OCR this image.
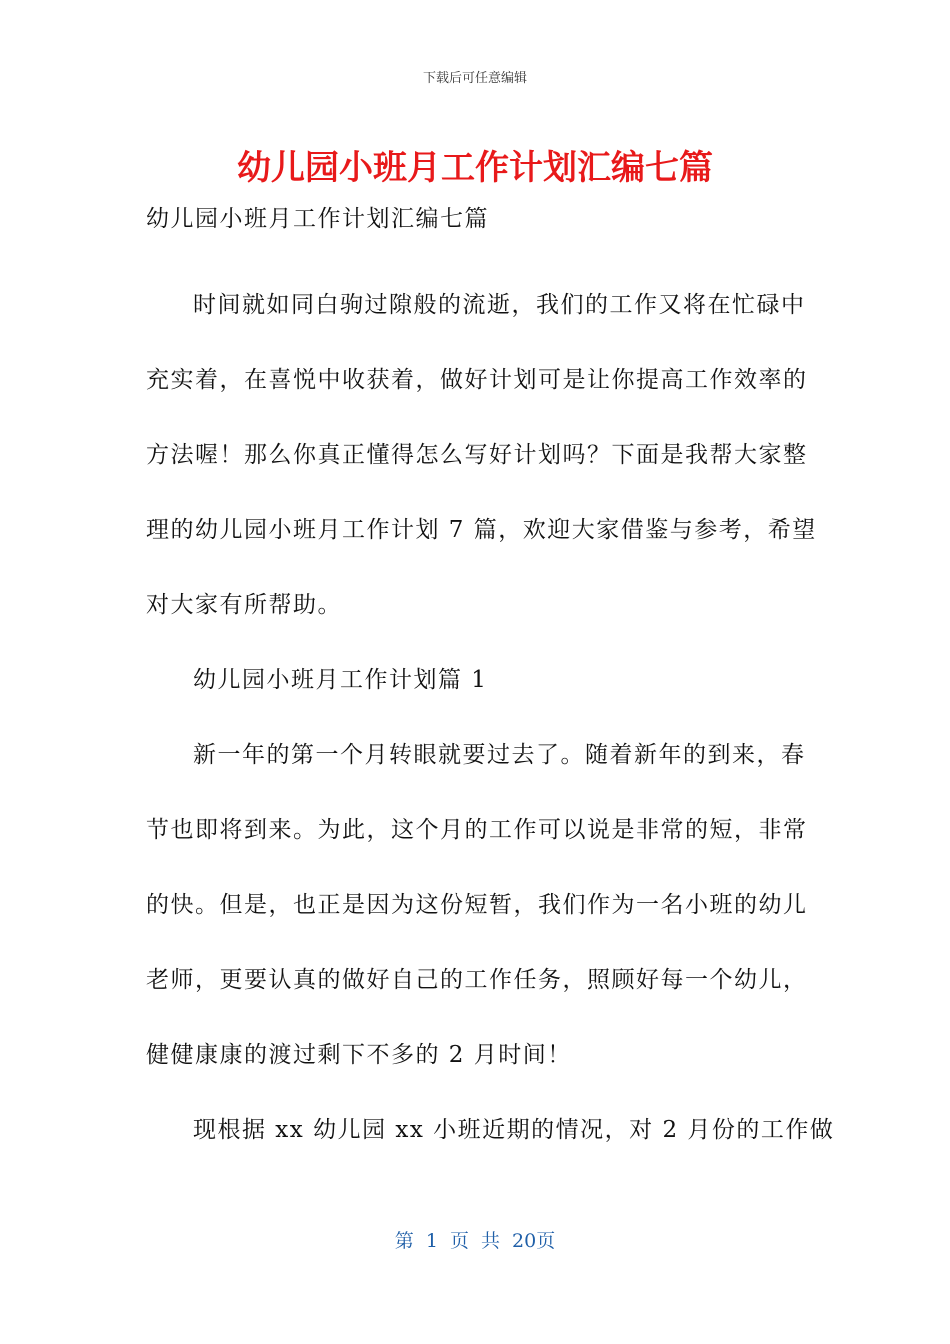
下载后可任意编辑
幼儿园小班月工作计划汇编七篇
幼儿园小班月工作计划汇编七篇
时间就如同白驹过隙般的流逝，我们的工作又将在忙碌中
充实着，在喜悦中收获着，做好计划可是让你提高工作效率的
方法喔！那么你真正懂得怎么写好计划吗？下面是我帮大家整
理的幼儿园小班月工作计划 7 篇，欢迎大家借鉴与参考，希望
对大家有所帮助。
幼儿园小班月工作计划篇 1
新一年的第一个月转眼就要过去了。随着新年的到来，春
节也即将到来。为此，这个月的工作可以说是非常的短，非常
的快。但是，也正是因为这份短暂，我们作为一名小班的幼儿
老师，更要认真的做好自己的工作任务，照顾好每一个幼儿，
健健康康的渡过剩下不多的 2 月时间！
现根据 xx 幼儿园 xx 小班近期的情况，对 2 月份的工作做
第 1 页 共 20页
